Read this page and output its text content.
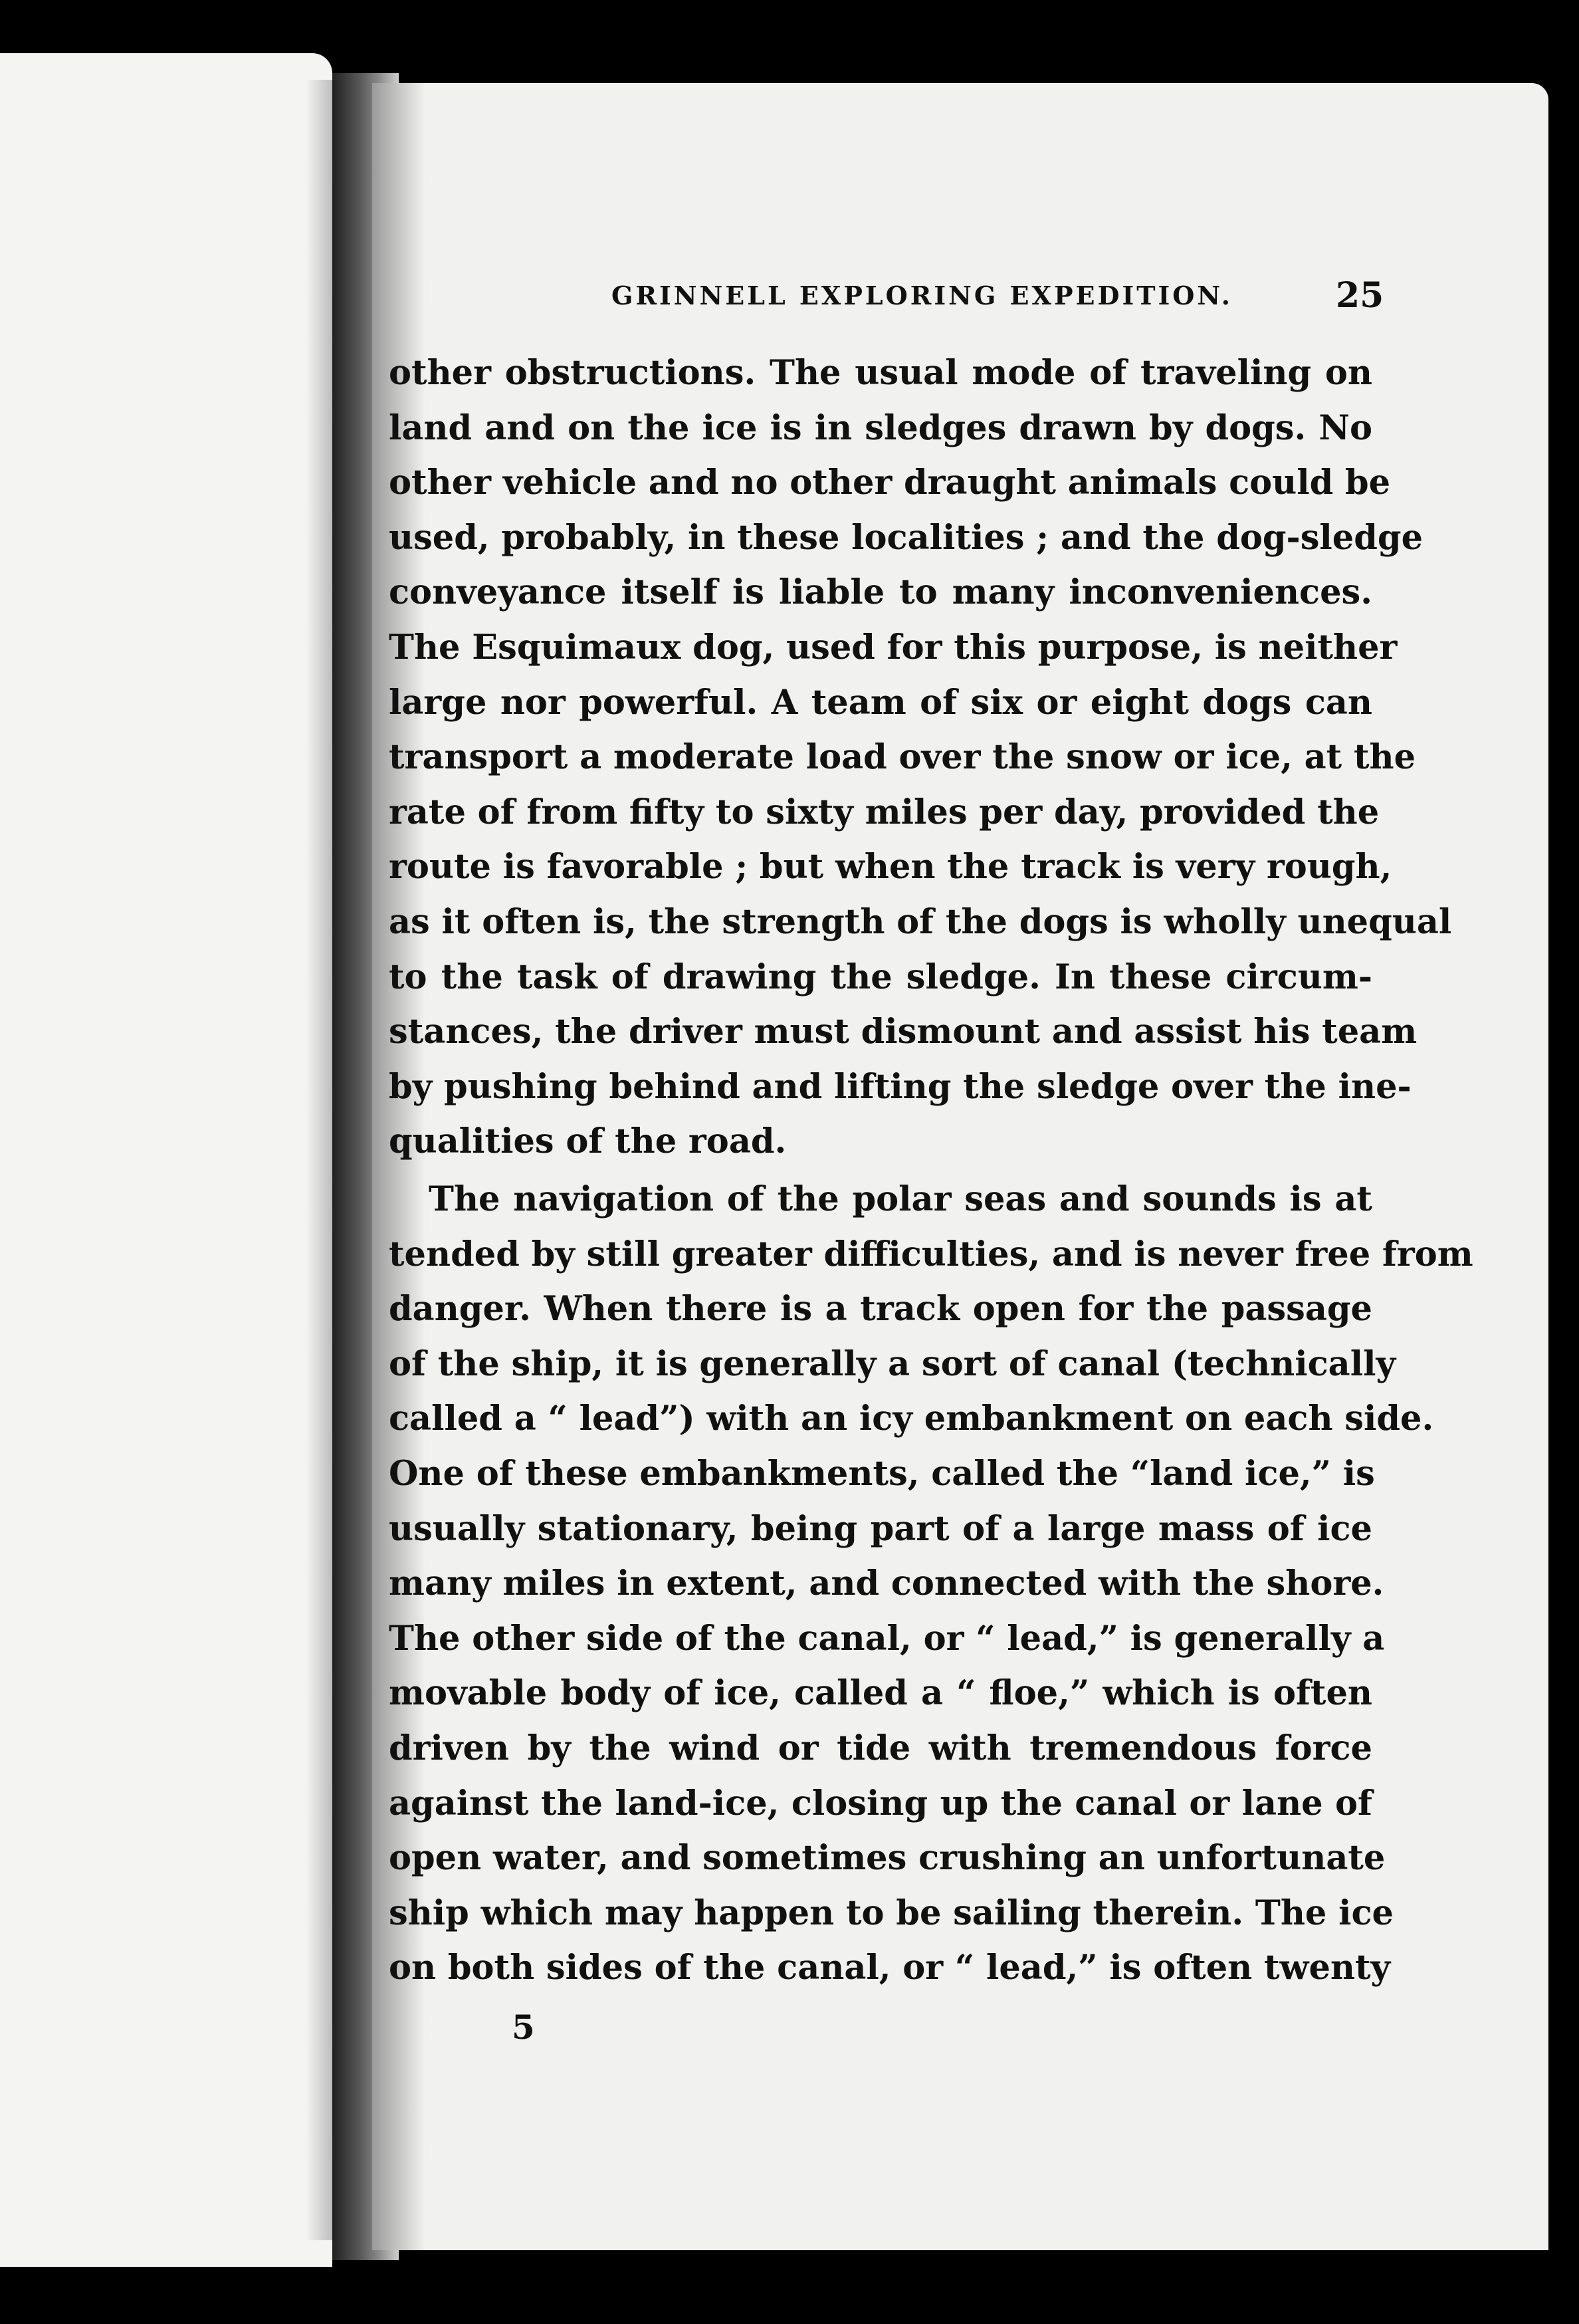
GRINNELL EXPLORING EXPEDITION.	25
other obstructions. The usual mode of traveling on
land and on the ice is in sledges drawn by dogs. No
other vehicle and no other draught animals could be
used, probably, in these localities ; and the dog-sledge
conveyance itself is liable to many inconveniences.
The Esquimaux dog, used for this purpose, is neither
large nor powerful. A team of six or eight dogs can
transport a moderate load over the snow or ice, at the
rate of from fifty to sixty miles per day, provided the
route is favorable ; but when the track is very rough,
as it often is, the strength of the dogs is wholly unequal
to the task of drawing the sledge. In these circum-
stances, the driver must dismount and assist his team
by pushing behind and lifting the sledge over the ine-
qualities of the road.
The navigation of the polar seas and sounds is at
tended by still greater difficulties, and is never free from
danger. When there is a track open for the passage
of the ship, it is generally a sort of canal (technically
called a “ lead”) with an icy embankment on each side.
One of these embankments, called the “land ice,” is
usually stationary, being part of a large mass of ice
many miles in extent, and connected with the shore.
The other side of the canal, or “ lead,” is generally a
movable body of ice, called a “ floe,” which is often
driven by the wind or tide with tremendous force
against the land-ice, closing up the canal or lane of
open water, and sometimes crushing an unfortunate
ship which may happen to be sailing therein. The ice
on both sides of the canal, or “ lead,” is often twenty
5
